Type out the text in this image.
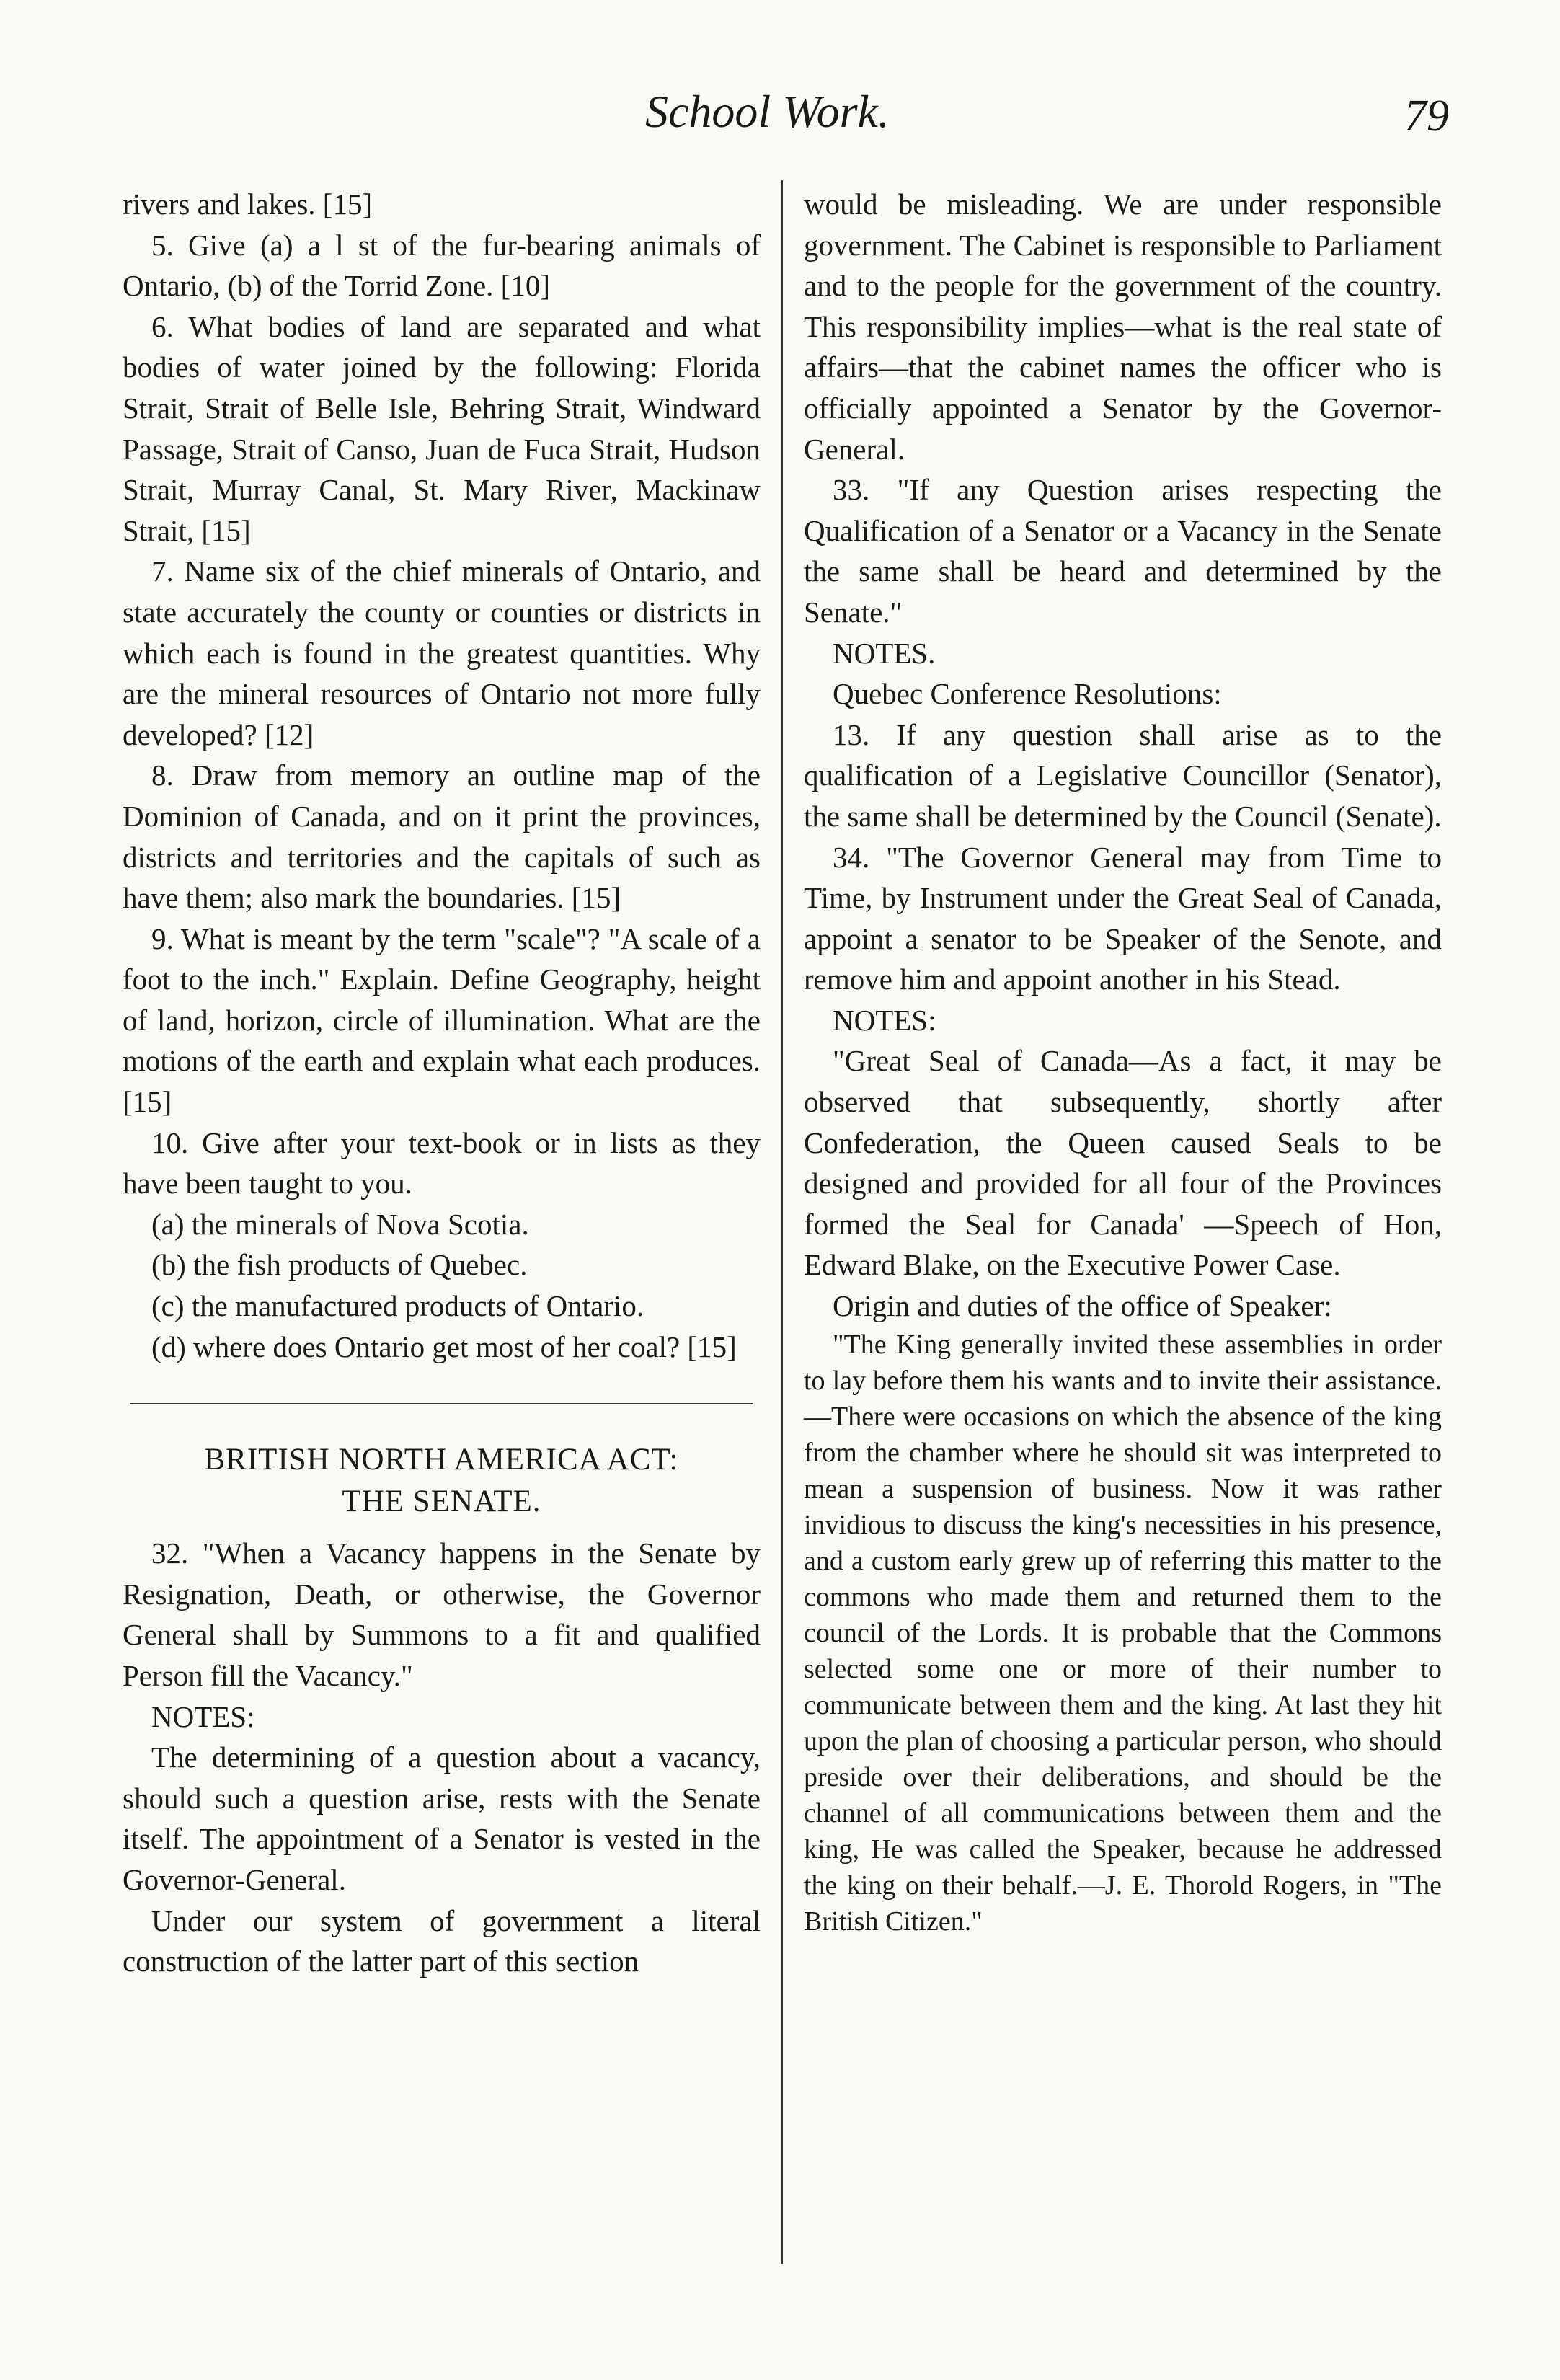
School Work.	79

rivers and lakes. [15]

5. Give (a) a l st of the fur-bearing animals of Ontario, (b) of the Torrid Zone. [10]

6. What bodies of land are separated and what bodies of water joined by the following: Florida Strait, Strait of Belle Isle, Behring Strait, Windward Passage, Strait of Canso, Juan de Fuca Strait, Hudson Strait, Murray Canal, St. Mary River, Mackinaw Strait, [15]

7. Name six of the chief minerals of Ontario, and state accurately the county or counties or districts in which each is found in the greatest quantities. Why are the mineral resources of Ontario not more fully developed? [12]

8. Draw from memory an outline map of the Dominion of Canada, and on it print the provinces, districts and territories and the capitals of such as have them; also mark the boundaries. [15]

9. What is meant by the term "scale"? "A scale of a foot to the inch." Explain. Define Geography, height of land, horizon, circle of illumination. What are the motions of the earth and explain what each produces. [15]

10. Give after your text-book or in lists as they have been taught to you.

(a) the minerals of Nova Scotia.

(b) the fish products of Quebec.

(c) the manufactured products of Ontario.

(d) where does Ontario get most of her coal? [15]

BRITISH NORTH AMERICA ACT:

THE SENATE.

32. "When a Vacancy happens in the Senate by Resignation, Death, or otherwise, the Governor General shall by Summons to a fit and qualified Person fill the Vacancy."

NOTES:

The determining of a question about a vacancy, should such a question arise, rests with the Senate itself. The appointment of a Senator is vested in the Governor-General.

Under our system of government a literal construction of the latter part of this section

would be misleading. We are under responsible government. The Cabinet is responsible to Parliament and to the people for the government of the country. This responsibility implies—what is the real state of affairs—that the cabinet names the officer who is officially appointed a Senator by the Governor-General.

33. "If any Question arises respecting the Qualification of a Senator or a Vacancy in the Senate the same shall be heard and determined by the Senate."

NOTES.

Quebec Conference Resolutions:

13. If any question shall arise as to the qualification of a Legislative Councillor (Senator), the same shall be determined by the Council (Senate).

34. "The Governor General may from Time to Time, by Instrument under the Great Seal of Canada, appoint a senator to be Speaker of the Senote, and remove him and appoint another in his Stead.

NOTES:

"Great Seal of Canada—As a fact, it may be observed that subsequently, shortly after Confederation, the Queen caused Seals to be designed and provided for all four of the Provinces formed the Seal for Canada' —Speech of Hon, Edward Blake, on the Executive Power Case.

Origin and duties of the office of Speaker:

"The King generally invited these assemblies in order to lay before them his wants and to invite their assistance.—There were occasions on which the absence of the king from the chamber where he should sit was interpreted to mean a suspension of business. Now it was rather invidious to discuss the king's necessities in his presence, and a custom early grew up of referring this matter to the commons who made them and returned them to the council of the Lords. It is probable that the Commons selected some one or more of their number to communicate between them and the king. At last they hit upon the plan of choosing a particular person, who should preside over their deliberations, and should be the channel of all communications between them and the king, He was called the Speaker, because he addressed the king on their behalf.—J. E. Thorold Rogers, in "The British Citizen."
